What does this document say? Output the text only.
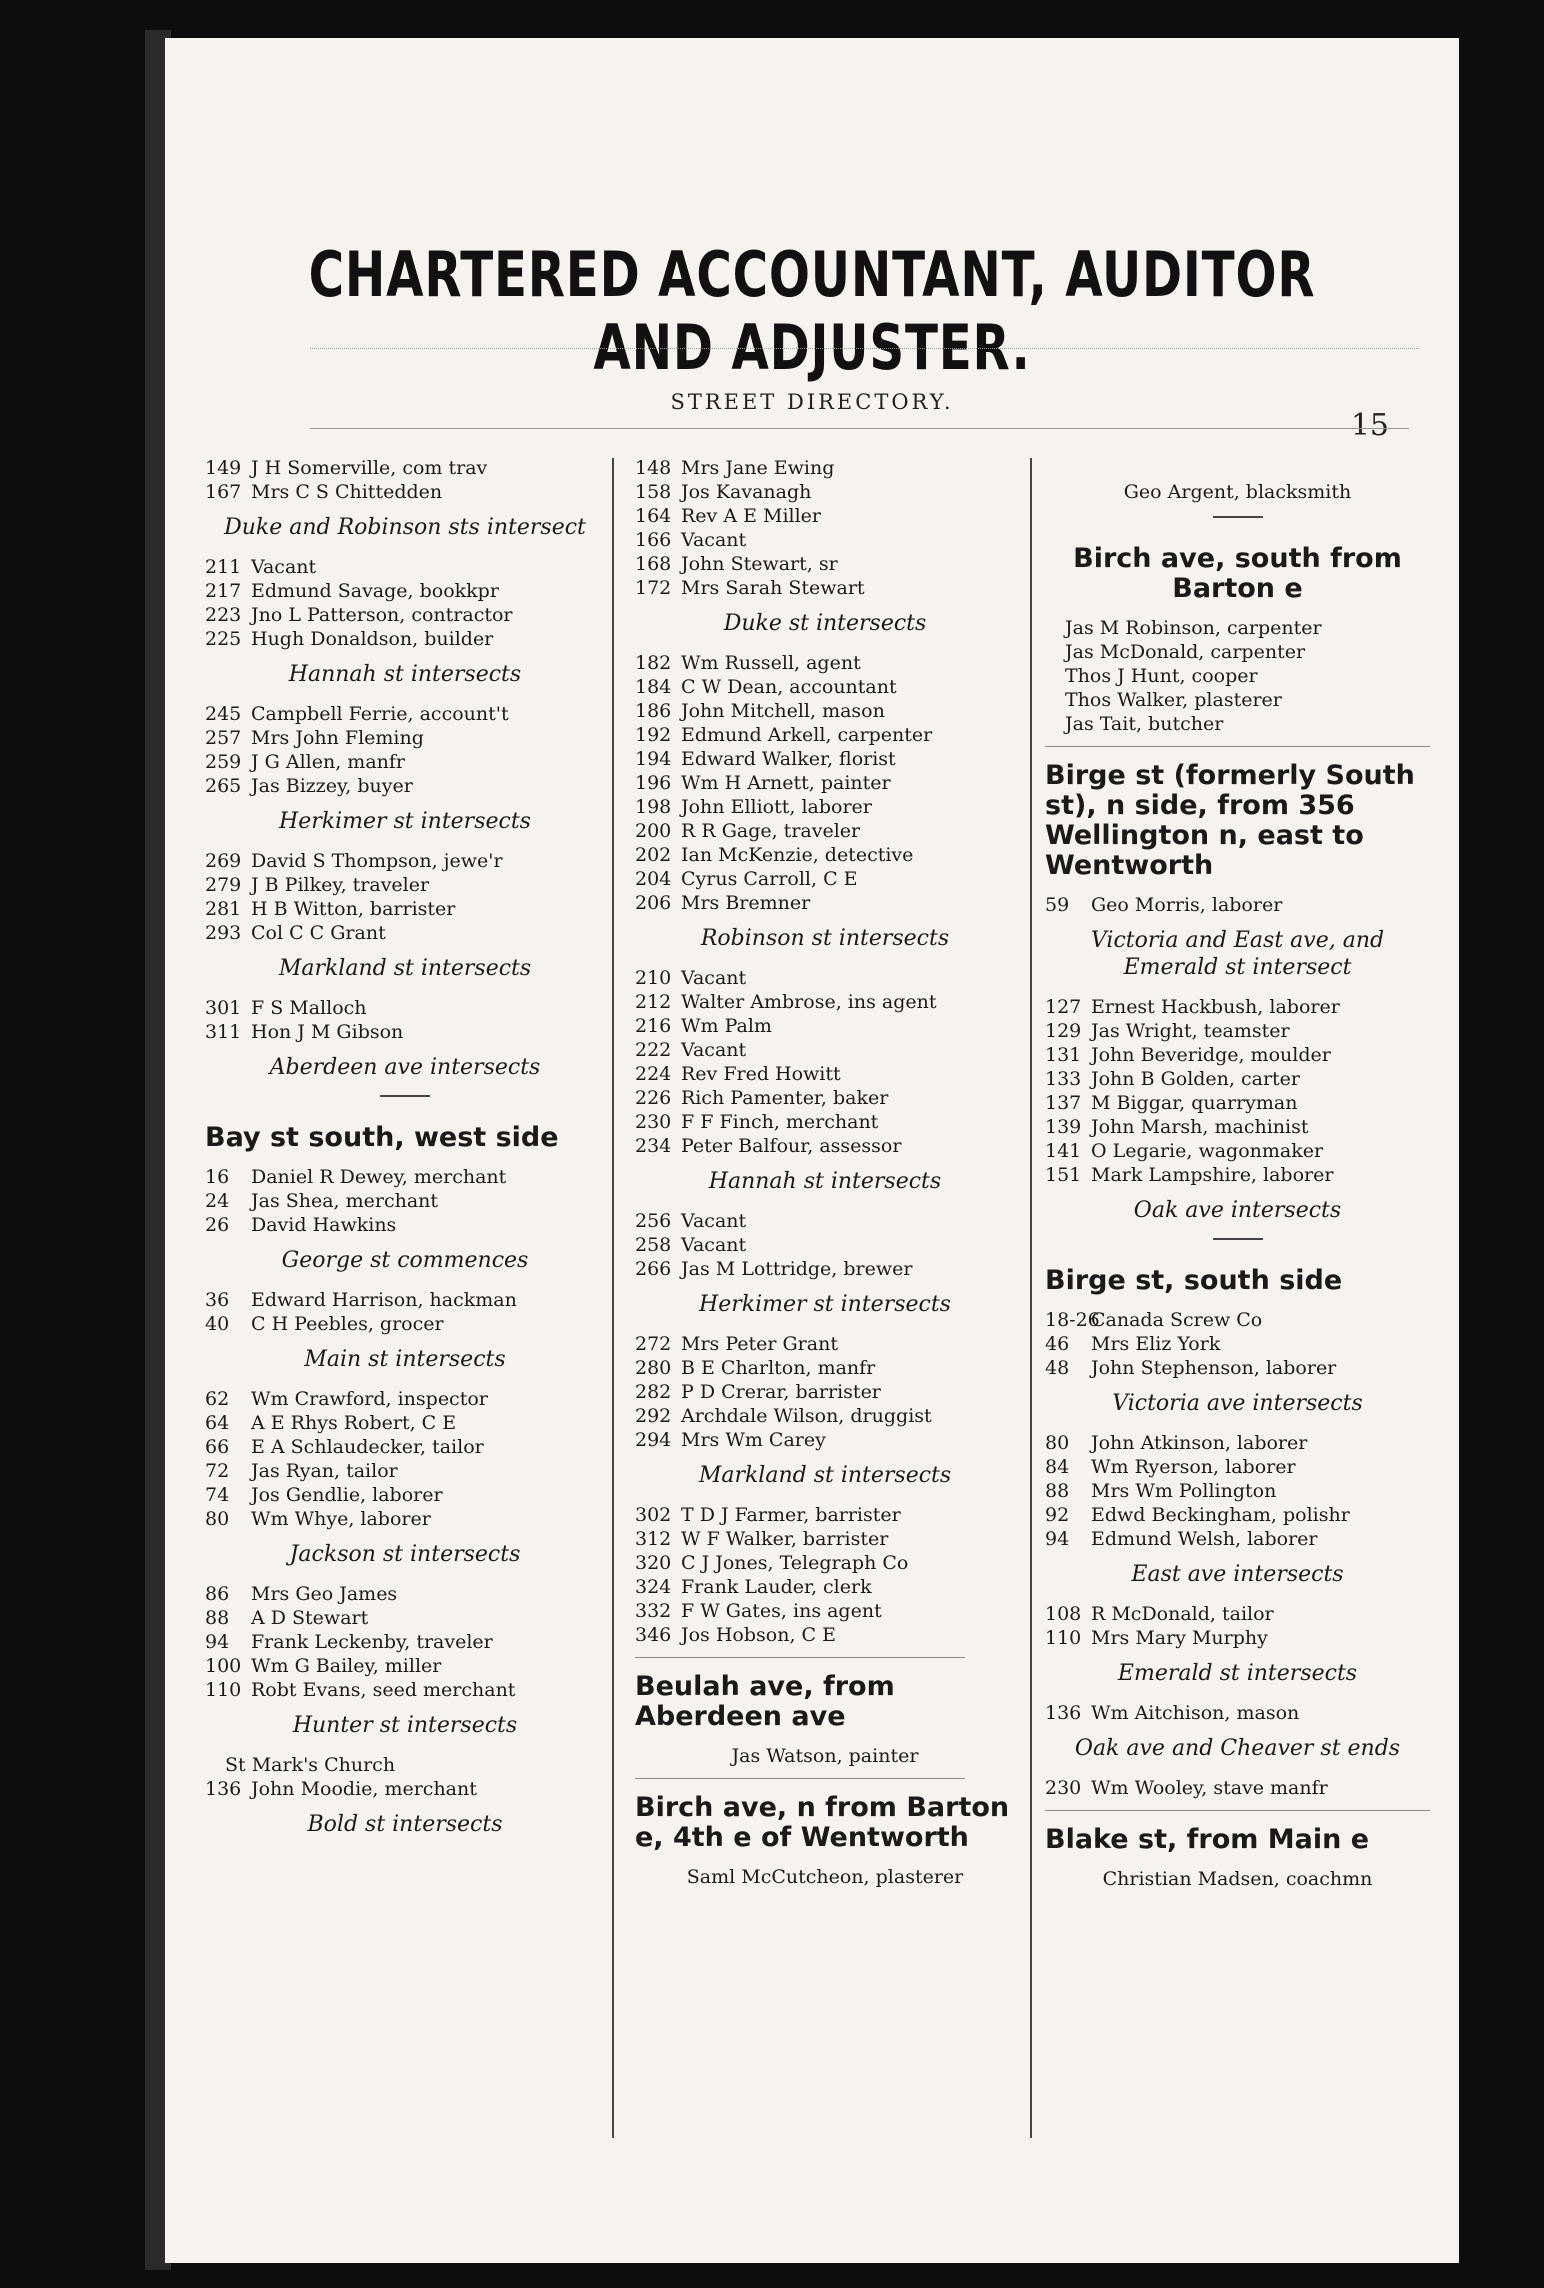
CHARTERED ACCOUNTANT, AUDITOR AND ADJUSTER.
STREET DIRECTORY.
15
149 J H Somerville, com trav
167 Mrs C S Chittedden
Duke and Robinson sts intersect
211 Vacant
217 Edmund Savage, bookkpr
223 Jno L Patterson, contractor
225 Hugh Donaldson, builder
Hannah st intersects
245 Campbell Ferrie, account't
257 Mrs John Fleming
259 J G Allen, manfr
265 Jas Bizzey, buyer
Herkimer st intersects
269 David S Thompson, jewe'r
279 J B Pilkey, traveler
281 H B Witton, barrister
293 Col C C Grant
Markland st intersects
301 F S Malloch
311 Hon J M Gibson
Aberdeen ave intersects
Bay st south, west side
16 Daniel R Dewey, merchant
24 Jas Shea, merchant
26 David Hawkins
George st commences
36 Edward Harrison, hackman
40 C H Peebles, grocer
Main st intersects
62 Wm Crawford, inspector
64 A E Rhys Robert, C E
66 E A Schlaudecker, tailor
72 Jas Ryan, tailor
74 Jos Gendlie, laborer
80 Wm Whye, laborer
Jackson st intersects
86 Mrs Geo James
88 A D Stewart
94 Frank Leckenby, traveler
100 Wm G Bailey, miller
110 Robt Evans, seed merchant
Hunter st intersects
St Mark's Church
136 John Moodie, merchant
Bold st intersects
148 Mrs Jane Ewing
158 Jos Kavanagh
164 Rev A E Miller
166 Vacant
168 John Stewart, sr
172 Mrs Sarah Stewart
Duke st intersects
182 Wm Russell, agent
184 C W Dean, accountant
186 John Mitchell, mason
192 Edmund Arkell, carpenter
194 Edward Walker, florist
196 Wm H Arnett, painter
198 John Elliott, laborer
200 R R Gage, traveler
202 Ian McKenzie, detective
204 Cyrus Carroll, C E
206 Mrs Bremner
Robinson st intersects
210 Vacant
212 Walter Ambrose, ins agent
216 Wm Palm
222 Vacant
224 Rev Fred Howitt
226 Rich Pamenter, baker
230 F F Finch, merchant
234 Peter Balfour, assessor
Hannah st intersects
256 Vacant
258 Vacant
266 Jas M Lottridge, brewer
Herkimer st intersects
272 Mrs Peter Grant
280 B E Charlton, manfr
282 P D Crerar, barrister
292 Archdale Wilson, druggist
294 Mrs Wm Carey
Markland st intersects
302 T D J Farmer, barrister
312 W F Walker, barrister
320 C J Jones, Telegraph Co
324 Frank Lauder, clerk
332 F W Gates, ins agent
346 Jos Hobson, C E
Beulah ave, from Aberdeen ave
Jas Watson, painter
Birch ave, n from Barton e, 4th e of Wentworth
Saml McCutcheon, plasterer
Geo Argent, blacksmith
Birch ave, south from Barton e
Jas M Robinson, carpenter
Jas McDonald, carpenter
Thos J Hunt, cooper
Thos Walker, plasterer
Jas Tait, butcher
Birge st (formerly South st), n side, from 356 Wellington n, east to Wentworth
59 Geo Morris, laborer
Victoria and East ave, and Emerald st intersect
127 Ernest Hackbush, laborer
129 Jas Wright, teamster
131 John Beveridge, moulder
133 John B Golden, carter
137 M Biggar, quarryman
139 John Marsh, machinist
141 O Legarie, wagonmaker
151 Mark Lampshire, laborer
Oak ave intersects
Birge st, south side
18-26Canada Screw Co
46 Mrs Eliz York
48 John Stephenson, laborer
Victoria ave intersects
80 John Atkinson, laborer
84 Wm Ryerson, laborer
88 Mrs Wm Pollington
92 Edwd Beckingham, polishr
94 Edmund Welsh, laborer
East ave intersects
108 R McDonald, tailor
110 Mrs Mary Murphy
Emerald st intersects
136 Wm Aitchison, mason
Oak ave and Cheaver st ends
230 Wm Wooley, stave manfr
Blake st, from Main e
Christian Madsen, coachmn
